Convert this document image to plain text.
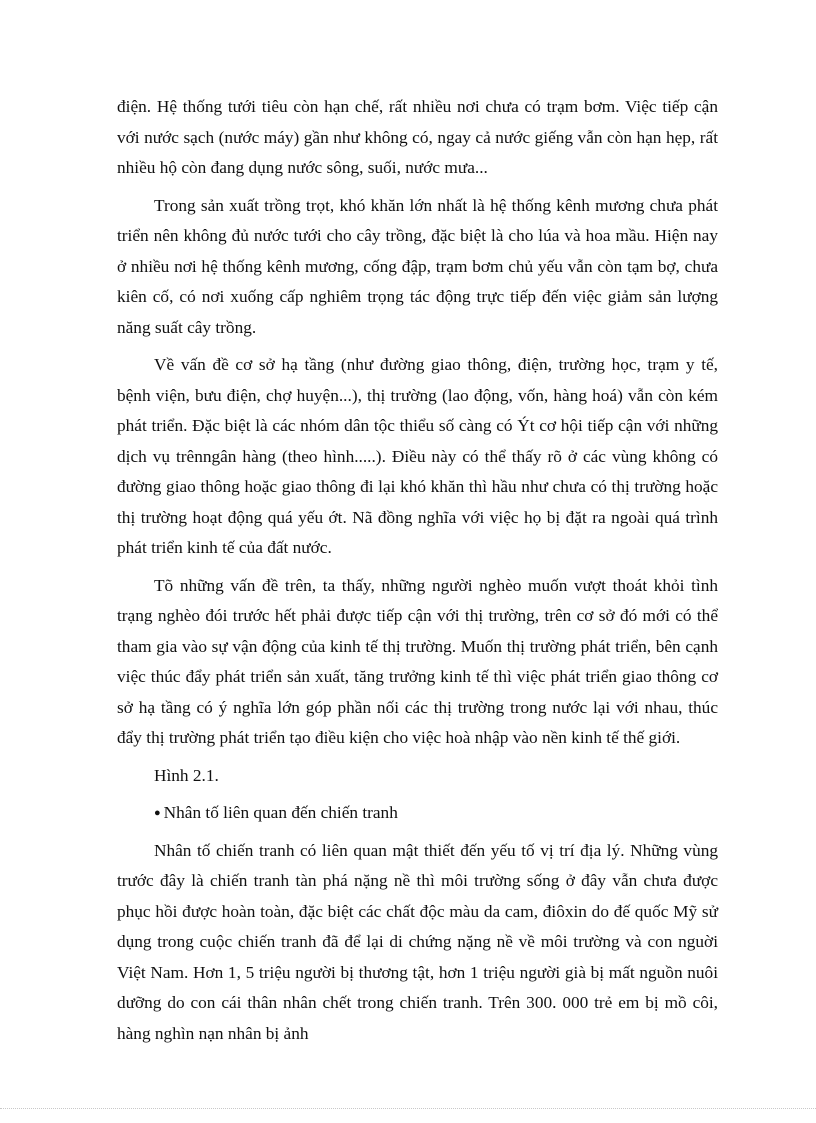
điện. Hệ thống tưới tiêu còn hạn chế, rất nhiều nơi chưa có trạm bơm. Việc tiếp cận với nước sạch (nước máy) gần như không có, ngay cả nước giếng vẫn còn hạn hẹp, rất nhiều hộ còn đang dụng nước sông, suối, nước mưa...

Trong sản xuất trồng trọt, khó khăn lớn nhất là hệ thống kênh mương chưa phát triển nên không đủ nước tưới cho cây trồng, đặc biệt là cho lúa và hoa mầu. Hiện nay ở nhiều nơi hệ thống kênh mương, cống đập, trạm bơm chủ yếu vẫn còn tạm bợ, chưa kiên cố, có nơi xuống cấp nghiêm trọng tác động trực tiếp đến việc giảm sản lượng năng suất cây trồng.

Về vấn đề cơ sở hạ tầng (như đường giao thông, điện, trường học, trạm y tế, bệnh viện, bưu điện, chợ huyện...), thị trường (lao động, vốn, hàng hoá) vẫn còn kém phát triển. Đặc biệt là các nhóm dân tộc thiểu số càng có Ýt cơ hội tiếp cận với những dịch vụ trênngân hàng (theo hình.....). Điều này có thể thấy rõ ở các vùng không có đường giao thông hoặc giao thông đi lại khó khăn thì hầu như chưa có thị trường hoặc thị trường hoạt động quá yếu ớt. Nã đồng nghĩa với việc họ bị đặt ra ngoài quá trình phát triển kinh tế của đất nước.

Tõ những vấn đề trên, ta thấy, những người nghèo muốn vượt thoát khỏi tình trạng nghèo đói trước hết phải được tiếp cận với thị trường, trên cơ sở đó mới có thể tham gia vào sự vận động của kinh tế thị trường. Muốn thị trường phát triển, bên cạnh việc thúc đẩy phát triển sản xuất, tăng trưởng kinh tế thì việc phát triển giao thông cơ sở hạ tầng có ý nghĩa lớn góp phần nối các thị trường trong nước lại với nhau, thúc đẩy thị trường phát triển tạo điều kiện cho việc hoà nhập vào nền kinh tế thế giới.

Hình 2.1.

● Nhân tố liên quan đến chiến tranh

Nhân tố chiến tranh có liên quan mật thiết đến yếu tố vị trí địa lý. Những vùng trước đây là chiến tranh tàn phá nặng nề thì môi trường sống ở đây vẫn chưa được phục hồi được hoàn toàn, đặc biệt các chất độc màu da cam, điôxin do đế quốc Mỹ sử dụng trong cuộc chiến tranh đã để lại di chứng nặng nề về môi trường và con nguời Việt Nam. Hơn 1, 5 triệu người bị thương tật, hơn 1 triệu người già bị mất nguồn nuôi dưỡng do con cái thân nhân chết trong chiến tranh. Trên 300. 000 trẻ em bị mồ côi, hàng nghìn nạn nhân bị ảnh
